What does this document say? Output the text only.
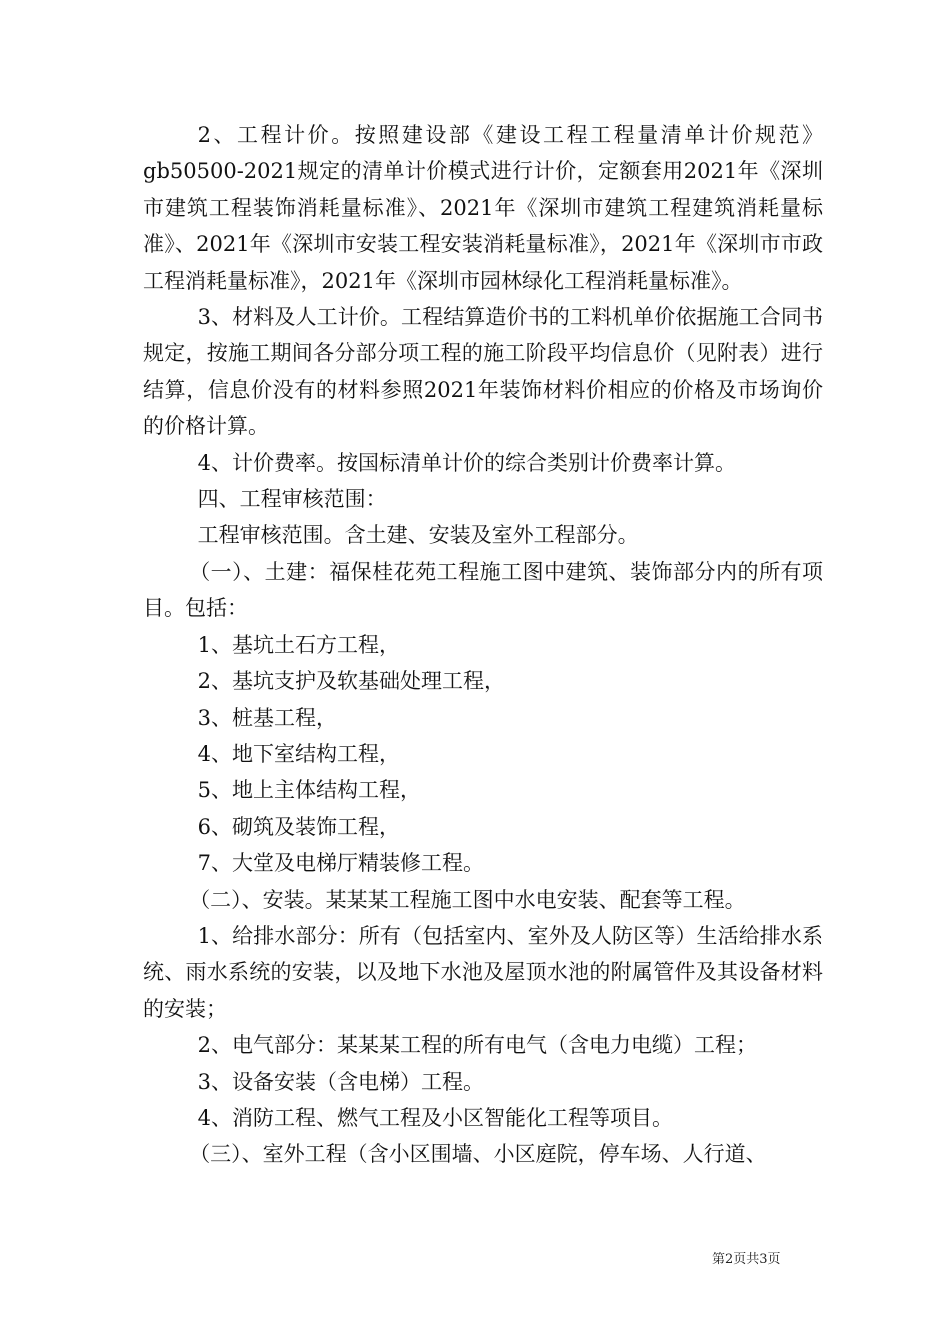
2、工程计价。按照建设部《建设工程工程量清单计价规范》gb50500-2021规定的清单计价模式进行计价，定额套用2021年《深圳市建筑工程装饰消耗量标准》、2021年《深圳市建筑工程建筑消耗量标准》、2021年《深圳市安装工程安装消耗量标准》，2021年《深圳市市政工程消耗量标准》，2021年《深圳市园林绿化工程消耗量标准》。

3、材料及人工计价。工程结算造价书的工料机单价依据施工合同书规定，按施工期间各分部分项工程的施工阶段平均信息价（见附表）进行结算，信息价没有的材料参照2021年装饰材料价相应的价格及市场询价的价格计算。

4、计价费率。按国标清单计价的综合类别计价费率计算。

四、工程审核范围：

工程审核范围。含土建、安装及室外工程部分。

（一）、土建：福保桂花苑工程施工图中建筑、装饰部分内的所有项目。包括：

1、基坑土石方工程，

2、基坑支护及软基础处理工程，

3、桩基工程，

4、地下室结构工程，

5、地上主体结构工程，

6、砌筑及装饰工程，

7、大堂及电梯厅精装修工程。

（二）、安装。某某某工程施工图中水电安装、配套等工程。

1、给排水部分：所有（包括室内、室外及人防区等）生活给排水系统、雨水系统的安装，以及地下水池及屋顶水池的附属管件及其设备材料的安装；

2、电气部分：某某某工程的所有电气（含电力电缆）工程；

3、设备安装（含电梯）工程。

4、消防工程、燃气工程及小区智能化工程等项目。

（三）、室外工程（含小区围墙、小区庭院，停车场、人行道、

第2页共3页
